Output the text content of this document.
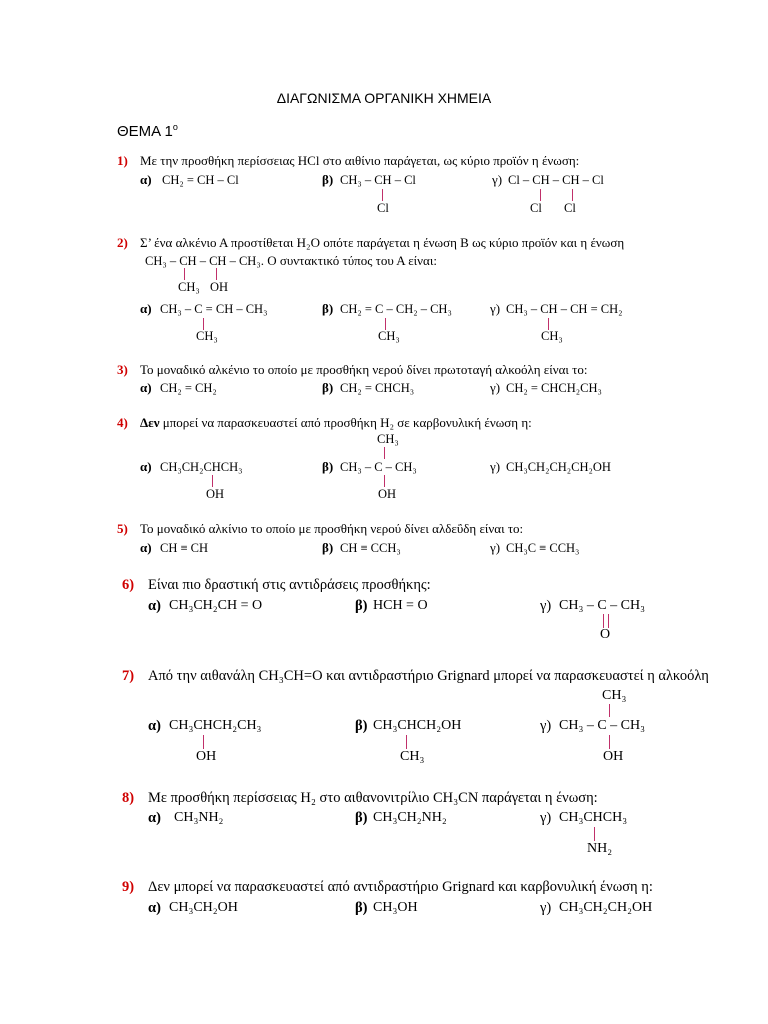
ΔΙΑΓΩΝΙΣΜΑ ΟΡΓΑΝΙΚΗ ΧΗΜΕΙΑ
ΘΕΜΑ $1^o$
1) Με την προσθήκη περίσσειας HCl στο αιθίνιο παράγεται, ως κύριο προϊόν η ένωση:
α) CH₂ = CH – Cl	β) CH₃ – CH – Cl
Cl
γ) Cl – CH – CH – Cl
Cl Cl
2) Σ’ ένα αλκένιο Α προστίθεται H₂O οπότε παράγεται η ένωση Β ως κύριο προϊόν και η ένωση
CH₃ – CH – CH – CH₃. Ο συντακτικό τύπος του Α είναι:
CH₃ OH
α) CH₃ – C = CH – CH₃
CH₃
β) CH₂ = C – CH₂ – CH₃
CH₃
γ) CH₃ – CH – CH = CH₂
CH₃
3) Το μοναδικό αλκένιο το οποίο με προσθήκη νερού δίνει πρωτοταγή αλκοόλη είναι το:
α) CH₂ = CH₂	β) CH₂ = CHCH₃	γ) CH₂ = CHCH₂CH₃
4) Δεν μπορεί να παρασκευαστεί από προσθήκη H₂ σε καρβονυλική ένωση η:
CH₃
α) CH₃CH₂CHCH₃
OH
β) CH₃ – C – CH₃
OH
γ) CH₃CH₂CH₂CH₂OH
5) Το μοναδικό αλκίνιο το οποίο με προσθήκη νερού δίνει αλδεΰδη είναι το:
α) CH ≡ CH	β) CH ≡ CCH₃	γ) CH₃C ≡ CCH₃
6) Είναι πιο δραστική στις αντιδράσεις προσθήκης:
α) CH₃CH₂CH = O	β) HCH = O	γ) CH₃ – C – CH₃
O
7) Από την αιθανάλη CH₃CH=O και αντιδραστήριο Grignard μπορεί να παρασκευαστεί η αλκοόλη
CH₃
α) CH₃CHCH₂CH₃
OH
β) CH₃CHCH₂OH
CH₃
γ) CH₃ – C – CH₃
OH
8) Με προσθήκη περίσσειας H₂ στο αιθανονιτρίλιο CH₃CN παράγεται η ένωση:
α) CH₃NH₂	β) CH₃CH₂NH₂	γ) CH₃CHCH₃
NH₂
9) Δεν μπορεί να παρασκευαστεί από αντιδραστήριο Grignard και καρβονυλική ένωση η:
α) CH₃CH₂OH	β) CH₃OH	γ) CH₃CH₂CH₂OH
